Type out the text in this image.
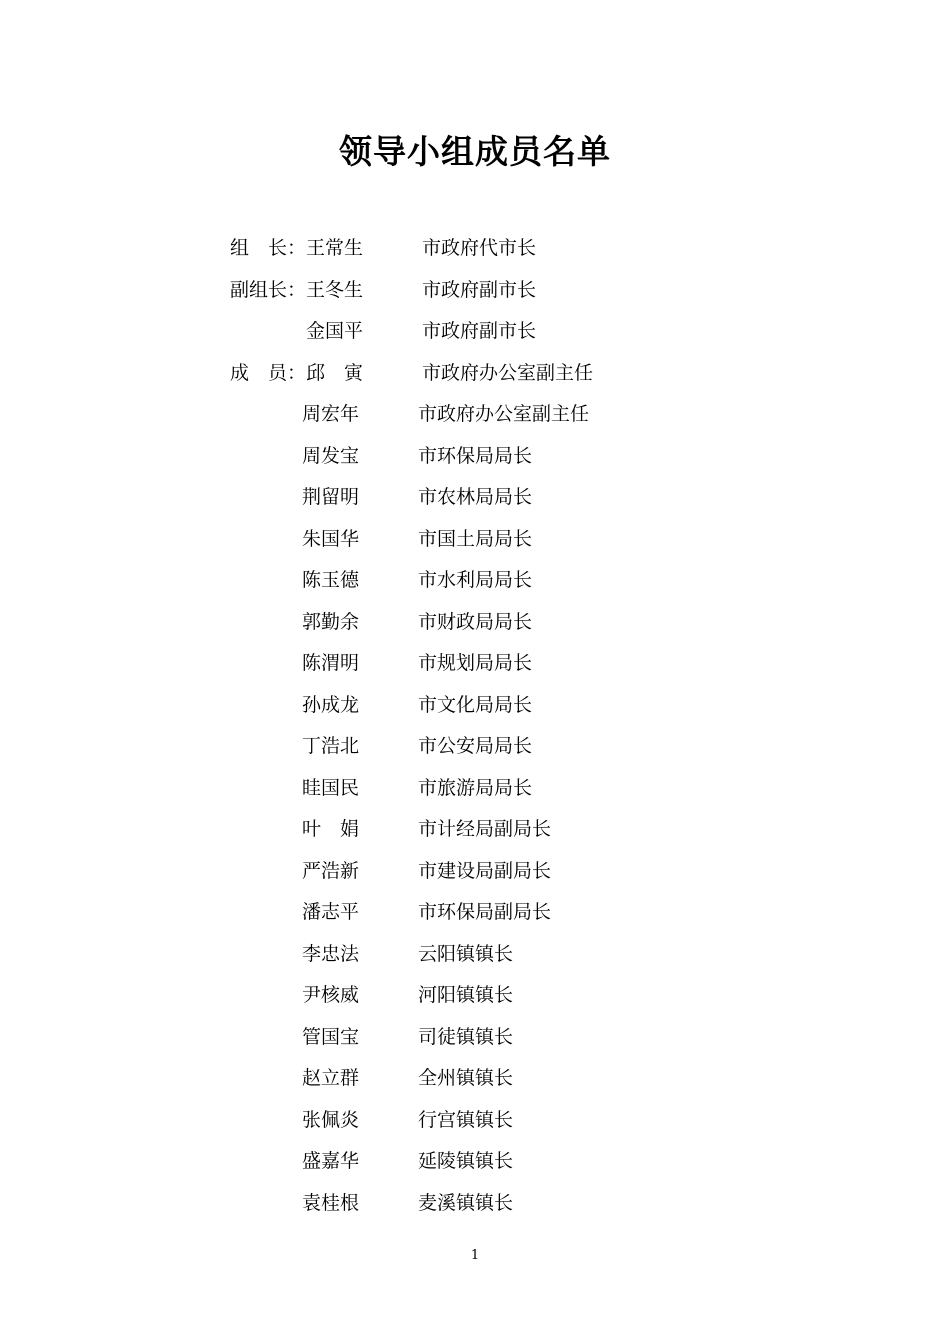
领导小组成员名单
组　长： 王常生	市政府代市长
副组长： 王冬生	市政府副市长
金国平	市政府副市长
成　员： 邱　寅	市政府办公室副主任
周宏年	市政府办公室副主任
周发宝	市环保局局长
荆留明	市农林局局长
朱国华	市国土局局长
陈玉德	市水利局局长
郭勤余	市财政局局长
陈渭明	市规划局局长
孙成龙	市文化局局长
丁浩北	市公安局局长
眭国民	市旅游局局长
叶　娟	市计经局副局长
严浩新	市建设局副局长
潘志平	市环保局副局长
李忠法	云阳镇镇长
尹核威	河阳镇镇长
管国宝	司徒镇镇长
赵立群	全州镇镇长
张佩炎	行宫镇镇长
盛嘉华	延陵镇镇长
袁桂根	麦溪镇镇长
1
